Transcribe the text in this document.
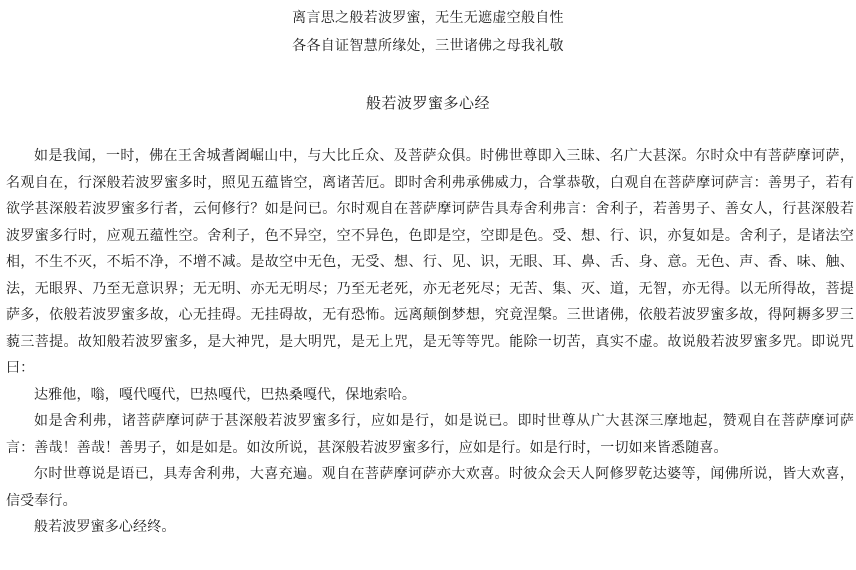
离言思之般若波罗蜜，无生无遮虚空般自性
各各自证智慧所缘处，三世诸佛之母我礼敬
般若波罗蜜多心经

如是我闻，一时，佛在王舍城耆阇崛山中，与大比丘众、及菩萨众俱。时佛世尊即入三昧、名广大甚深。尔时众中有菩萨摩诃萨，名观自在，行深般若波罗蜜多时，照见五蕴皆空，离诸苦厄。即时舍利弗承佛威力，合掌恭敬，白观自在菩萨摩诃萨言：善男子，若有欲学甚深般若波罗蜜多行者，云何修行？如是问已。尔时观自在菩萨摩诃萨告具寿舍利弗言：舍利子，若善男子、善女人，行甚深般若波罗蜜多行时，应观五蕴性空。舍利子，色不异空，空不异色，色即是空，空即是色。受、想、行、识，亦复如是。舍利子，是诸法空相，不生不灭，不垢不净，不增不减。是故空中无色，无受、想、行、见、识，无眼、耳、鼻、舌、身、意。无色、声、香、味、触、法，无眼界、乃至无意识界；无无明、亦无无明尽；乃至无老死，亦无老死尽；无苦、集、灭、道，无智，亦无得。以无所得故，菩提萨多，依般若波罗蜜多故，心无挂碍。无挂碍故，无有恐怖。远离颠倒梦想，究竟涅槃。三世诸佛，依般若波罗蜜多故，得阿耨多罗三藐三菩提。故知般若波罗蜜多，是大神咒，是大明咒，是无上咒，是无等等咒。能除一切苦，真实不虚。故说般若波罗蜜多咒。即说咒曰：

达雅他，嗡，嘎代嘎代，巴热嘎代，巴热桑嘎代，保地索哈。

如是舍利弗，诸菩萨摩诃萨于甚深般若波罗蜜多行，应如是行，如是说已。即时世尊从广大甚深三摩地起，赞观自在菩萨摩诃萨言：善哉！善哉！善男子，如是如是。如汝所说，甚深般若波罗蜜多行，应如是行。如是行时，一切如来皆悉随喜。

尔时世尊说是语已，具寿舍利弗，大喜充遍。观自在菩萨摩诃萨亦大欢喜。时彼众会天人阿修罗乾达婆等，闻佛所说，皆大欢喜，信受奉行。

般若波罗蜜多心经终。
